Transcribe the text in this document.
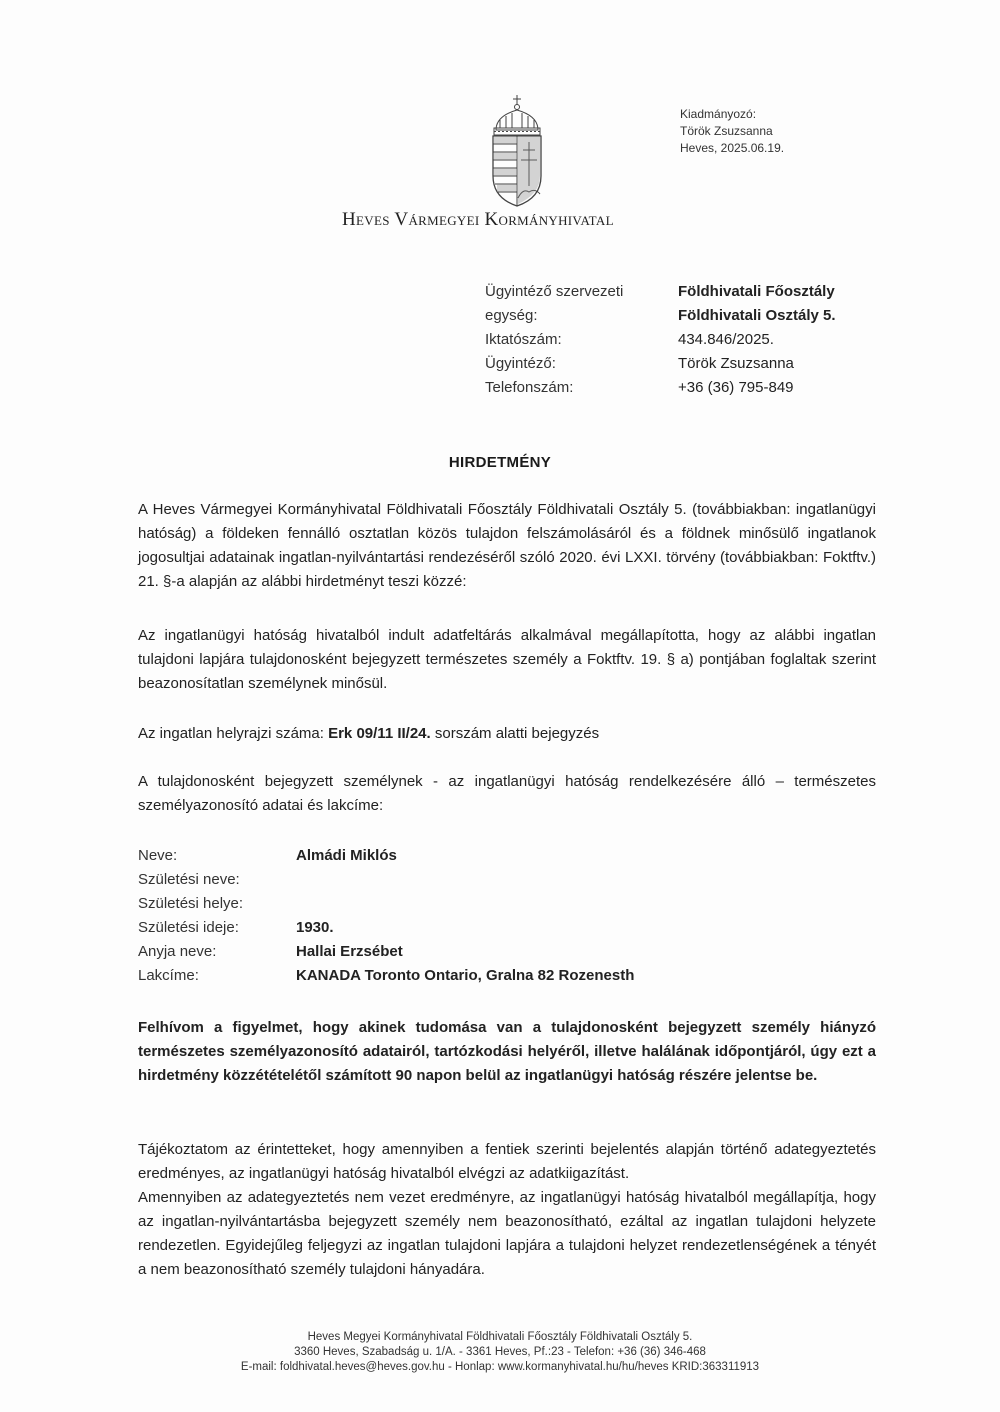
Kiadmányozó:
Török Zsuzsanna
Heves, 2025.06.19.
Heves Vármegyei Kormányhivatal
Ügyintéző szervezeti	Földhivatali Főosztály
egység:	Földhivatali Osztály 5.
Iktatószám:	434.846/2025.
Ügyintéző:	Török Zsuzsanna
Telefonszám:	+36 (36) 795-849
HIRDETMÉNY
A Heves Vármegyei Kormányhivatal Földhivatali Főosztály Földhivatali Osztály 5. (továbbiakban: ingatlanügyi hatóság) a földeken fennálló osztatlan közös tulajdon felszámolásáról és a földnek minősülő ingatlanok jogosultjai adatainak ingatlan-nyilvántartási rendezéséről szóló 2020. évi LXXI. törvény (továbbiakban: Foktftv.) 21. §-a alapján az alábbi hirdetményt teszi közzé:
Az ingatlanügyi hatóság hivatalból indult adatfeltárás alkalmával megállapította, hogy az alábbi ingatlan tulajdoni lapjára tulajdonosként bejegyzett természetes személy a Foktftv. 19. § a) pontjában foglaltak szerint beazonosítatlan személynek minősül.
Az ingatlan helyrajzi száma: Erk 09/11 II/24. sorszám alatti bejegyzés
A tulajdonosként bejegyzett személynek - az ingatlanügyi hatóság rendelkezésére álló – természetes személyazonosító adatai és lakcíme:
Neve:	Almádi Miklós
Születési neve:
Születési helye:
Születési ideje:	1930.
Anyja neve:	Hallai Erzsébet
Lakcíme:	KANADA Toronto Ontario, Gralna 82 Rozenesth
Felhívom a figyelmet, hogy akinek tudomása van a tulajdonosként bejegyzett személy hiányzó természetes személyazonosító adatairól, tartózkodási helyéről, illetve halálának időpontjáról, úgy ezt a hirdetmény közzétételétől számított 90 napon belül az ingatlanügyi hatóság részére jelentse be.
Tájékoztatom az érintetteket, hogy amennyiben a fentiek szerinti bejelentés alapján történő adategyeztetés eredményes, az ingatlanügyi hatóság hivatalból elvégzi az adatkiigazítást.
Amennyiben az adategyeztetés nem vezet eredményre, az ingatlanügyi hatóság hivatalból megállapítja, hogy az ingatlan-nyilvántartásba bejegyzett személy nem beazonosítható, ezáltal az ingatlan tulajdoni helyzete rendezetlen. Egyidejűleg feljegyzi az ingatlan tulajdoni lapjára a tulajdoni helyzet rendezetlenségének a tényét a nem beazonosítható személy tulajdoni hányadára.
Heves Megyei Kormányhivatal Földhivatali Főosztály Földhivatali Osztály 5.
3360 Heves, Szabadság u. 1/A. - 3361 Heves, Pf.:23 - Telefon: +36 (36) 346-468
E-mail: foldhivatal.heves@heves.gov.hu - Honlap: www.kormanyhivatal.hu/hu/heves KRID:363311913
